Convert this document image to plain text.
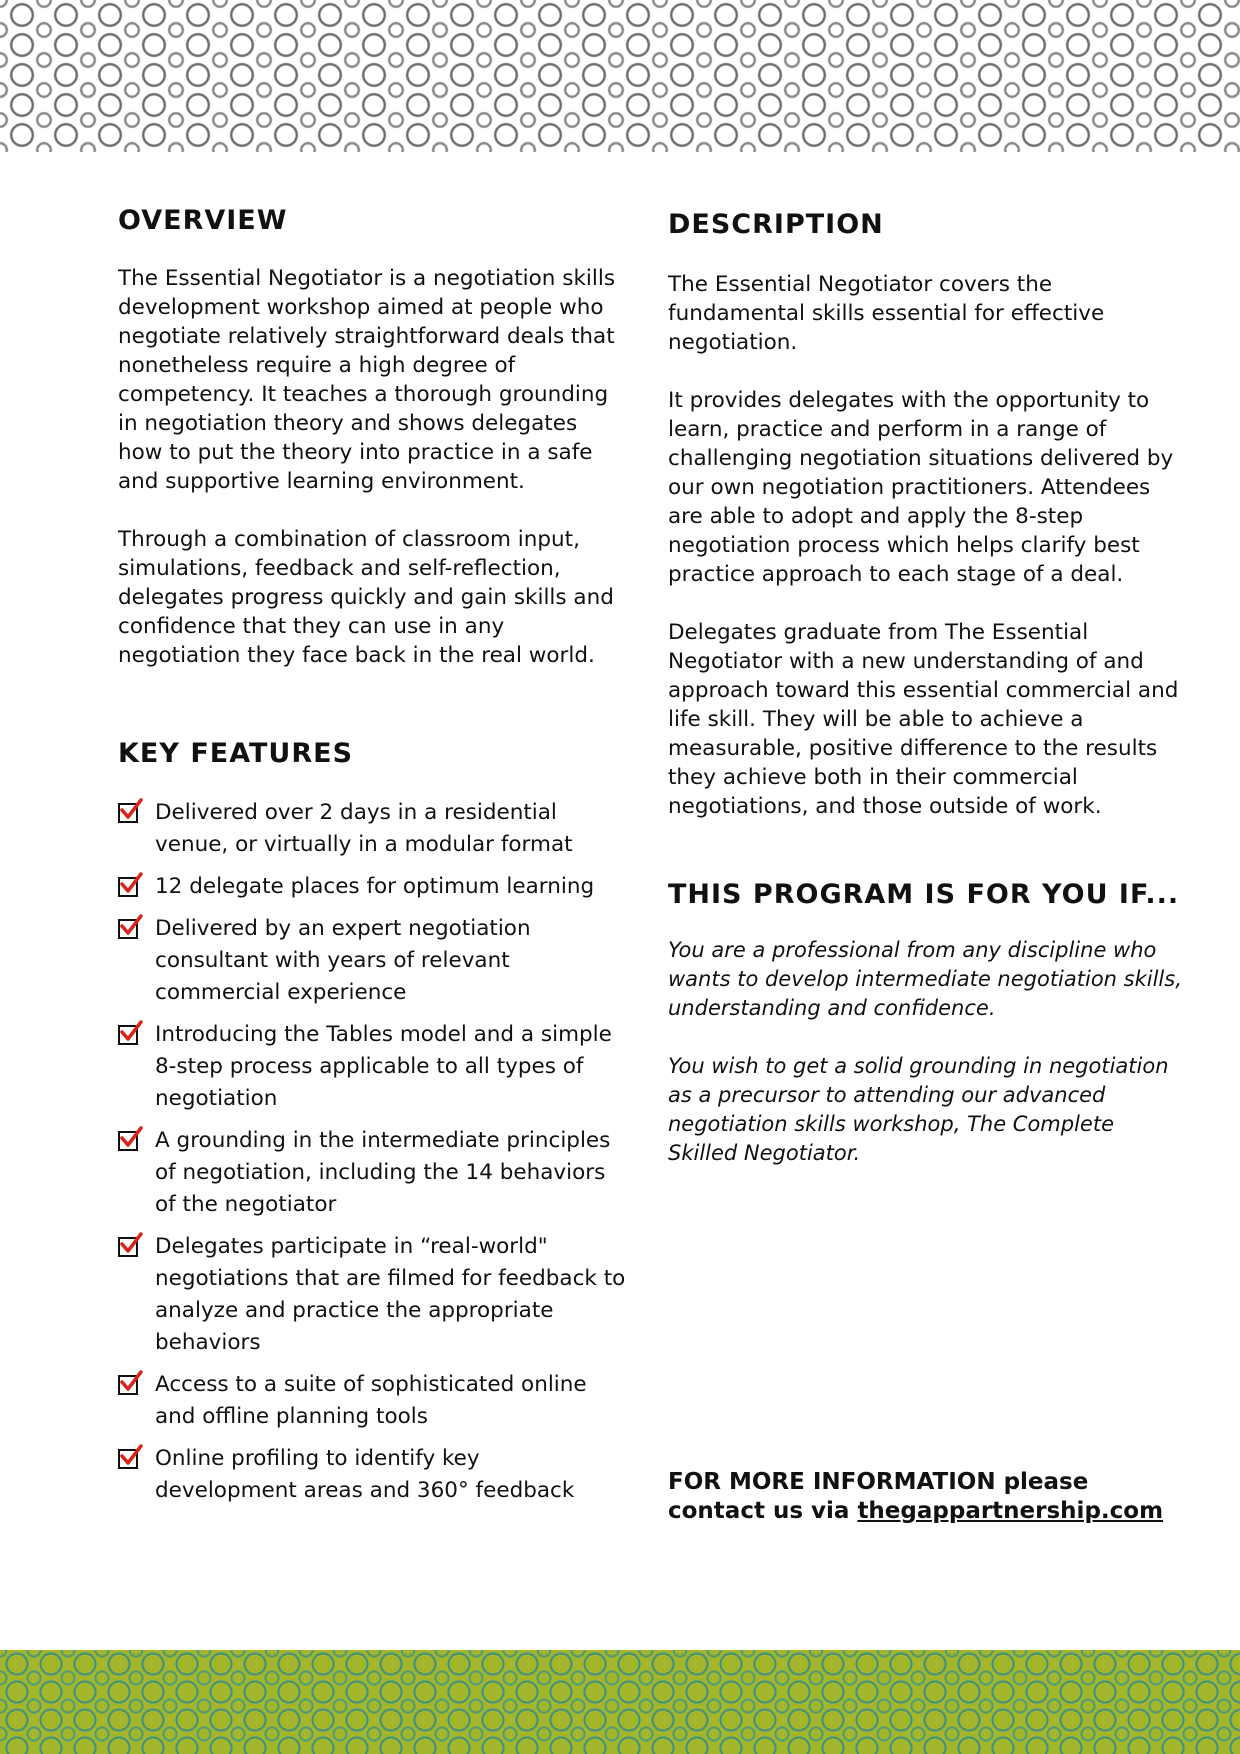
OVERVIEW

The Essential Negotiator is a negotiation skills development workshop aimed at people who negotiate relatively straightforward deals that nonetheless require a high degree of competency. It teaches a thorough grounding in negotiation theory and shows delegates how to put the theory into practice in a safe and supportive learning environment.

Through a combination of classroom input, simulations, feedback and self-reflection, delegates progress quickly and gain skills and confidence that they can use in any negotiation they face back in the real world.

KEY FEATURES
Delivered over 2 days in a residential venue, or virtually in a modular format
12 delegate places for optimum learning
Delivered by an expert negotiation consultant with years of relevant commercial experience
Introducing the Tables model and a simple 8-step process applicable to all types of negotiation
A grounding in the intermediate principles of negotiation, including the 14 behaviors of the negotiator
Delegates participate in “real-world" negotiations that are filmed for feedback to analyze and practice the appropriate behaviors
Access to a suite of sophisticated online and offline planning tools
Online profiling to identify key development areas and 360° feedback
DESCRIPTION

The Essential Negotiator covers the fundamental skills essential for effective negotiation.

It provides delegates with the opportunity to learn, practice and perform in a range of challenging negotiation situations delivered by our own negotiation practitioners. Attendees are able to adopt and apply the 8-step negotiation process which helps clarify best practice approach to each stage of a deal.

Delegates graduate from The Essential Negotiator with a new understanding of and approach toward this essential commercial and life skill. They will be able to achieve a measurable, positive difference to the results they achieve both in their commercial negotiations, and those outside of work.

THIS PROGRAM IS FOR YOU IF...

You are a professional from any discipline who wants to develop intermediate negotiation skills, understanding and confidence.

You wish to get a solid grounding in negotiation as a precursor to attending our advanced negotiation skills workshop, The Complete Skilled Negotiator.

FOR MORE INFORMATION please contact us via thegappartnership.com
